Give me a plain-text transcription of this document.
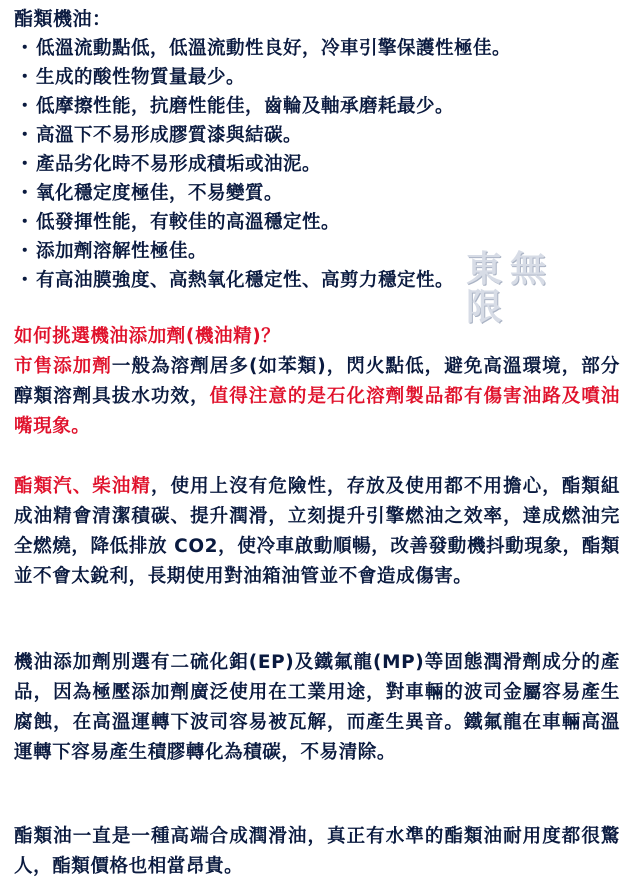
酯類機油：
・低溫流動點低，低溫流動性良好，冷車引擎保護性極佳。
・生成的酸性物質量最少。
・低摩擦性能，抗磨性能佳，齒輪及軸承磨耗最少。
・高溫下不易形成膠質漆與結碳。
・產品劣化時不易形成積垢或油泥。
・氧化穩定度極佳，不易變質。
・低發揮性能，有較佳的高溫穩定性。
・添加劑溶解性極佳。
・有高油膜強度、高熱氧化穩定性、高剪力穩定性。 東 無
限
如何挑選機油添加劑(機油精)？
市售添加劑一般為溶劑居多(如苯類)，閃火點低，避免高溫環境，部分醇類溶劑具拔水功效，值得注意的是石化溶劑製品都有傷害油路及噴油嘴現象。
酯類汽、柴油精，使用上沒有危險性，存放及使用都不用擔心，酯類組成油精會清潔積碳、提升潤滑，立刻提升引擎燃油之效率，達成燃油完全燃燒，降低排放 CO2，使冷車啟動順暢，改善發動機抖動現象，酯類並不會太銳利，長期使用對油箱油管並不會造成傷害。
機油添加劑別選有二硫化鉬(EP)及鐵氟龍(MP)等固態潤滑劑成分的產品，因為極壓添加劑廣泛使用在工業用途，對車輛的波司金屬容易產生腐蝕，在高溫運轉下波司容易被瓦解，而產生異音。鐵氟龍在車輛高溫運轉下容易產生積膠轉化為積碳，不易清除。
酯類油一直是一種高端合成潤滑油，真正有水準的酯類油耐用度都很驚人，酯類價格也相當昂貴。
